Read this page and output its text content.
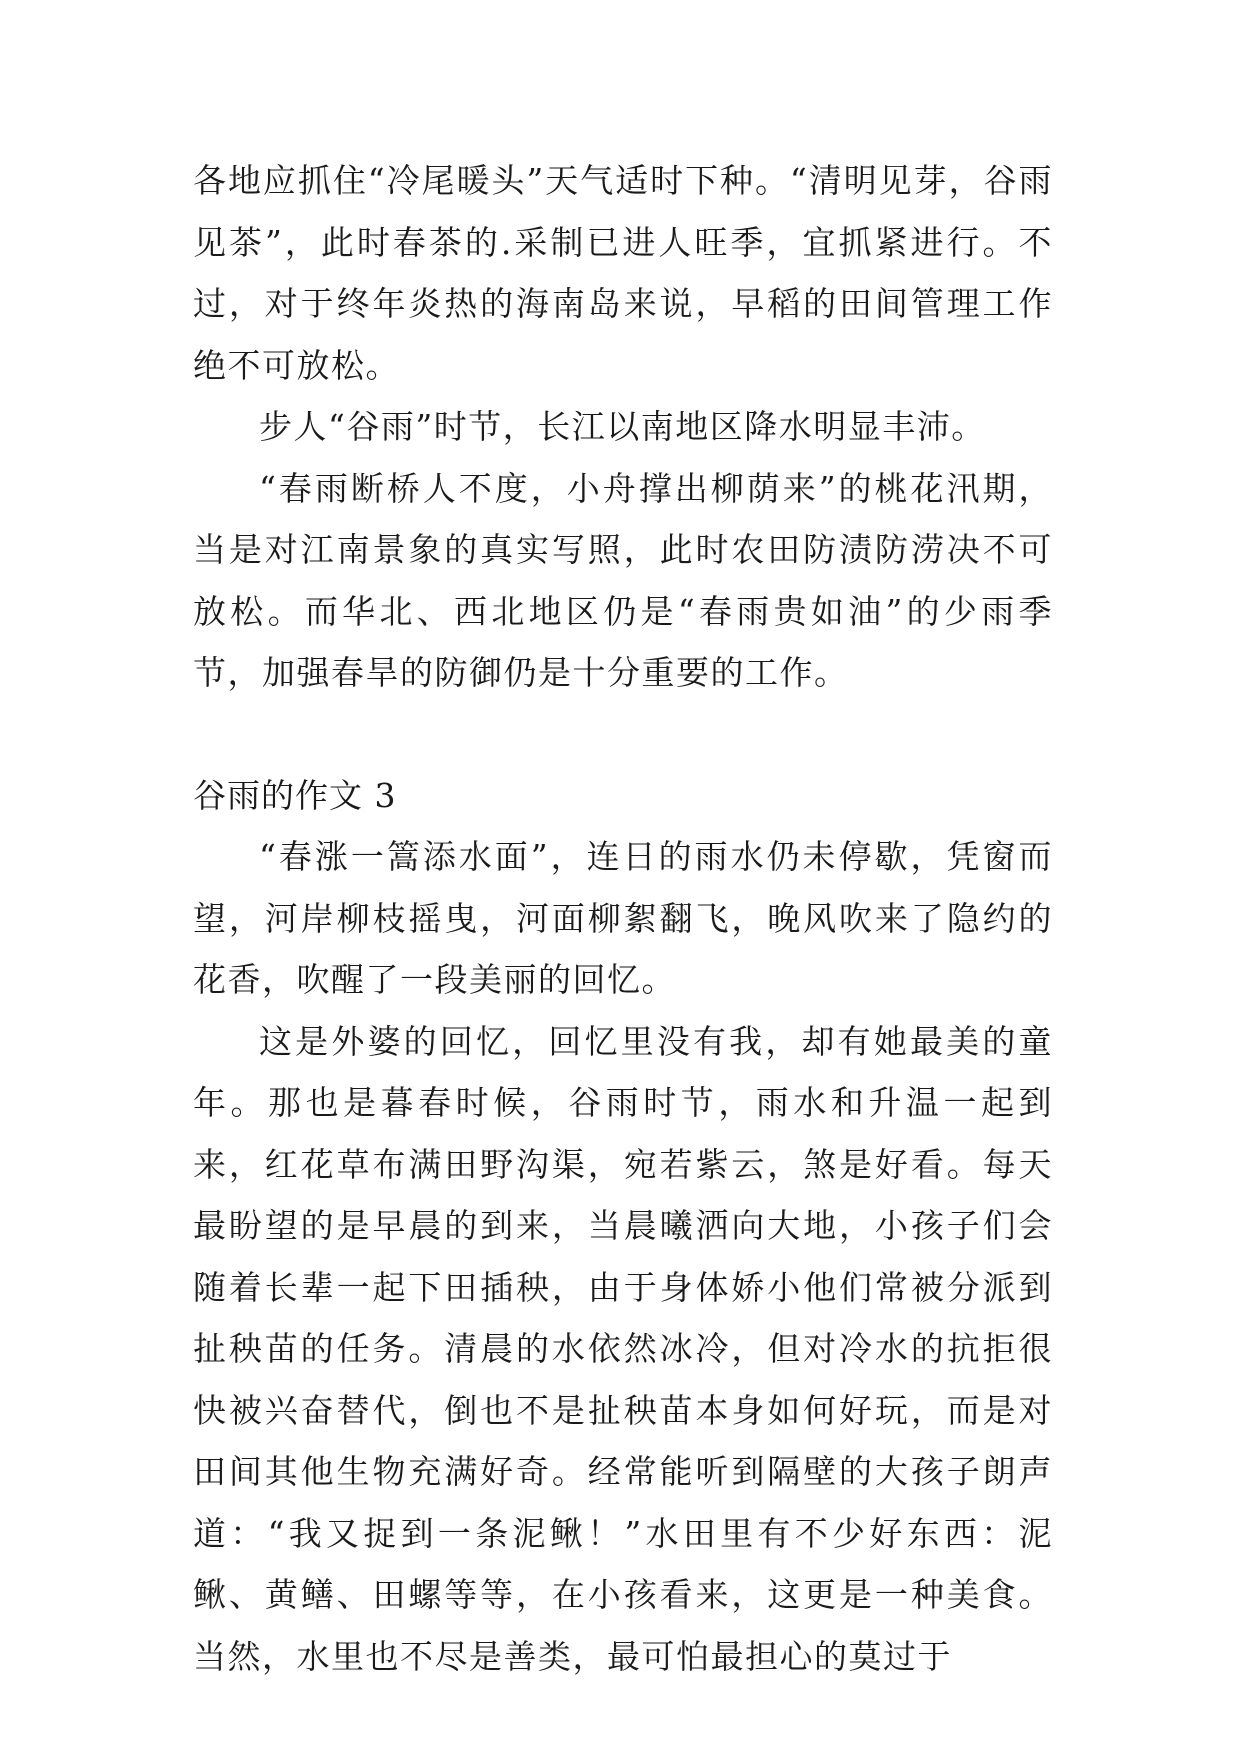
各地应抓住“冷尾暖头”天气适时下种。“清明见芽，谷雨见茶”，此时春茶的.采制已进人旺季，宜抓紧进行。不过，对于终年炎热的海南岛来说，早稻的田间管理工作绝不可放松。

步人“谷雨”时节，长江以南地区降水明显丰沛。

“春雨断桥人不度，小舟撑出柳荫来”的桃花汛期，当是对江南景象的真实写照，此时农田防渍防涝决不可放松。而华北、西北地区仍是“春雨贵如油”的少雨季节，加强春旱的防御仍是十分重要的工作。

谷雨的作文 3

“春涨一篙添水面”，连日的雨水仍未停歇，凭窗而望，河岸柳枝摇曳，河面柳絮翻飞，晚风吹来了隐约的花香，吹醒了一段美丽的回忆。

这是外婆的回忆，回忆里没有我，却有她最美的童年。那也是暮春时候，谷雨时节，雨水和升温一起到来，红花草布满田野沟渠，宛若紫云，煞是好看。每天最盼望的是早晨的到来，当晨曦洒向大地，小孩子们会随着长辈一起下田插秧，由于身体娇小他们常被分派到扯秧苗的任务。清晨的水依然冰冷，但对冷水的抗拒很快被兴奋替代，倒也不是扯秧苗本身如何好玩，而是对田间其他生物充满好奇。经常能听到隔壁的大孩子朗声道：“我又捉到一条泥鳅！”水田里有不少好东西：泥鳅、黄鳝、田螺等等，在小孩看来，这更是一种美食。当然，水里也不尽是善类，最可怕最担心的莫过于
